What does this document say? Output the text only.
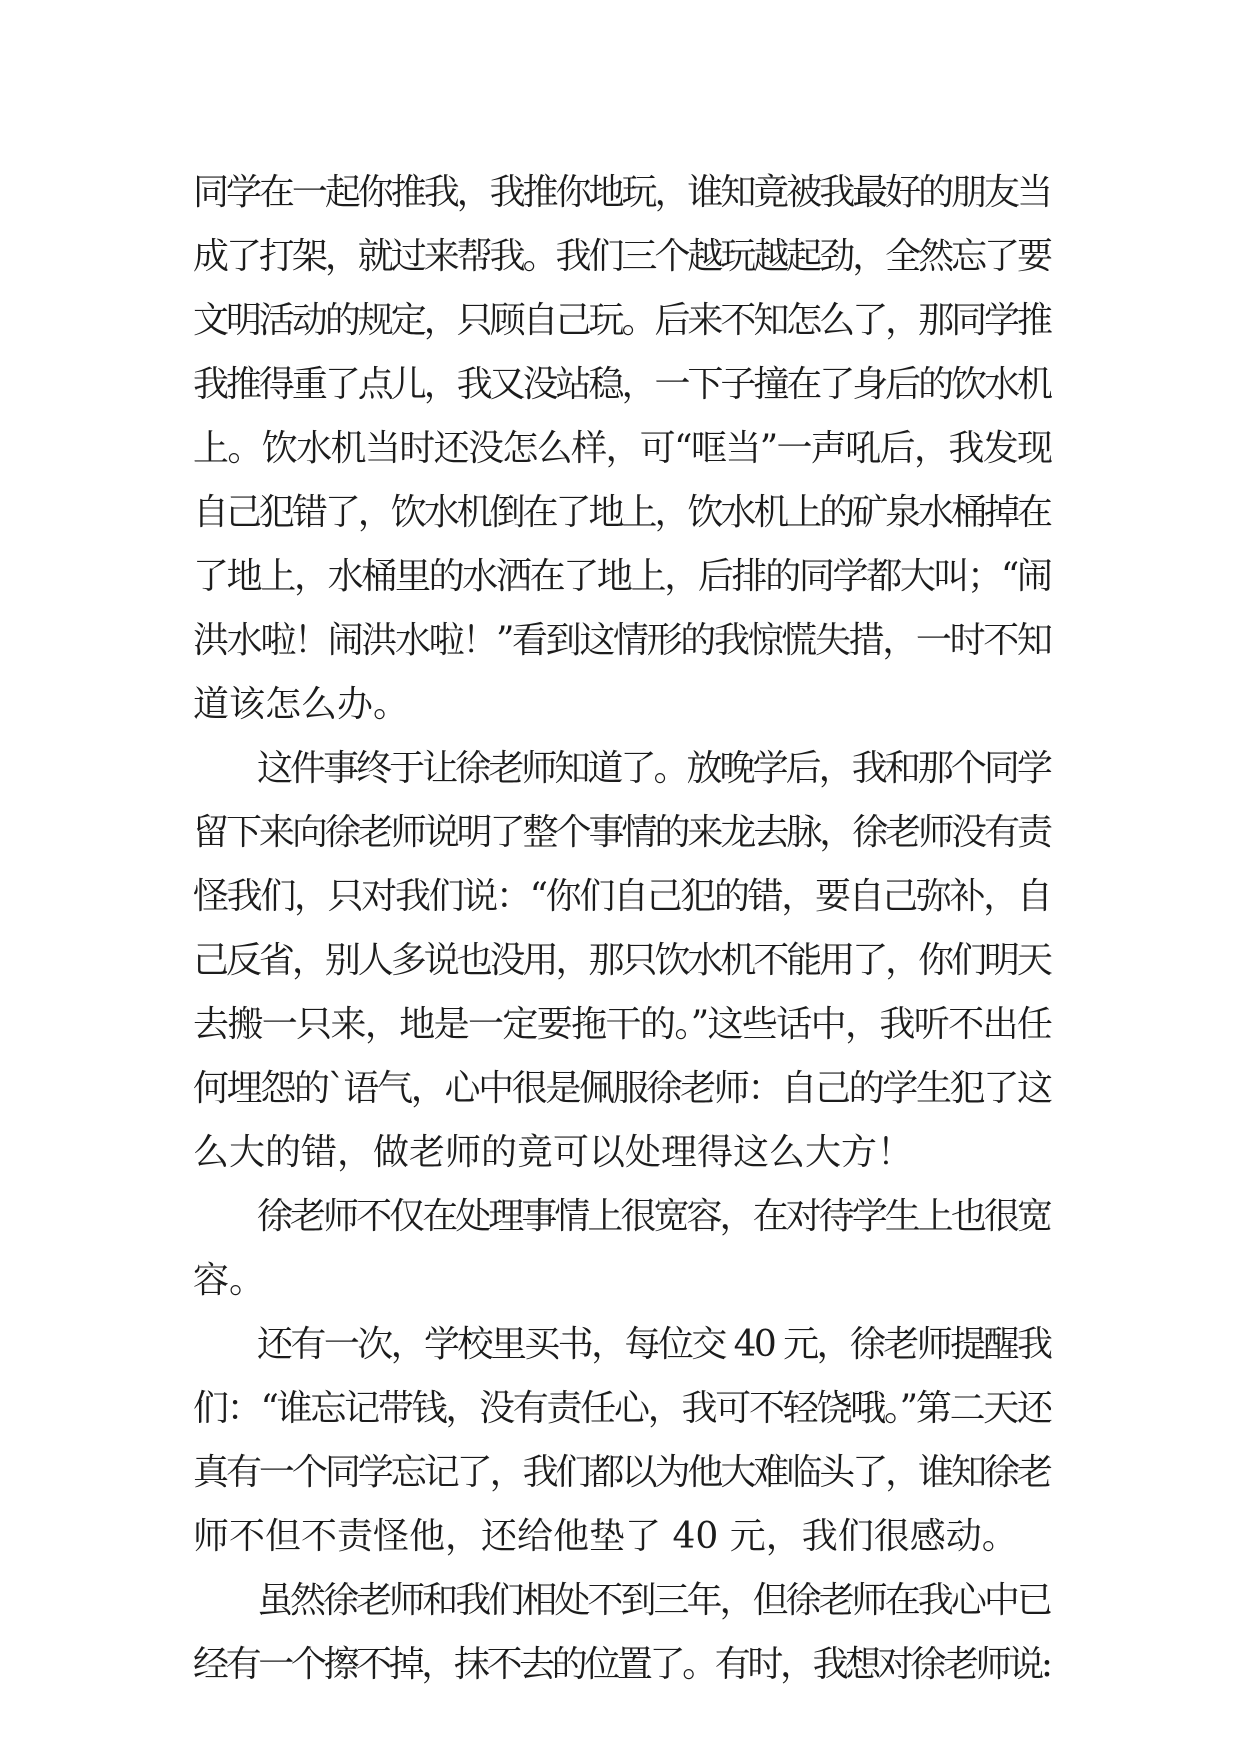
同学在一起你推我，我推你地玩，谁知竟被我最好的朋友当
成了打架，就过来帮我。我们三个越玩越起劲，全然忘了要
文明活动的规定，只顾自己玩。后来不知怎么了，那同学推
我推得重了点儿，我又没站稳，一下子撞在了身后的饮水机
上。饮水机当时还没怎么样，可“哐当”一声吼后，我发现
自己犯错了，饮水机倒在了地上，饮水机上的矿泉水桶掉在
了地上，水桶里的水洒在了地上，后排的同学都大叫；“闹
洪水啦！闹洪水啦！”看到这情形的我惊慌失措，一时不知
道该怎么办。
这件事终于让徐老师知道了。放晚学后，我和那个同学
留下来向徐老师说明了整个事情的来龙去脉，徐老师没有责
怪我们，只对我们说：“你们自己犯的错，要自己弥补，自
己反省，别人多说也没用，那只饮水机不能用了，你们明天
去搬一只来，地是一定要拖干的。”这些话中，我听不出任
何埋怨的`语气，心中很是佩服徐老师：自己的学生犯了这
么大的错，做老师的竟可以处理得这么大方！
徐老师不仅在处理事情上很宽容，在对待学生上也很宽
容。
还有一次，学校里买书，每位交 40 元，徐老师提醒我
们：“谁忘记带钱，没有责任心，我可不轻饶哦。”第二天还
真有一个同学忘记了，我们都以为他大难临头了，谁知徐老
师不但不责怪他，还给他垫了 40 元，我们很感动。
虽然徐老师和我们相处不到三年，但徐老师在我心中已
经有一个擦不掉，抹不去的位置了。有时，我想对徐老师说:
